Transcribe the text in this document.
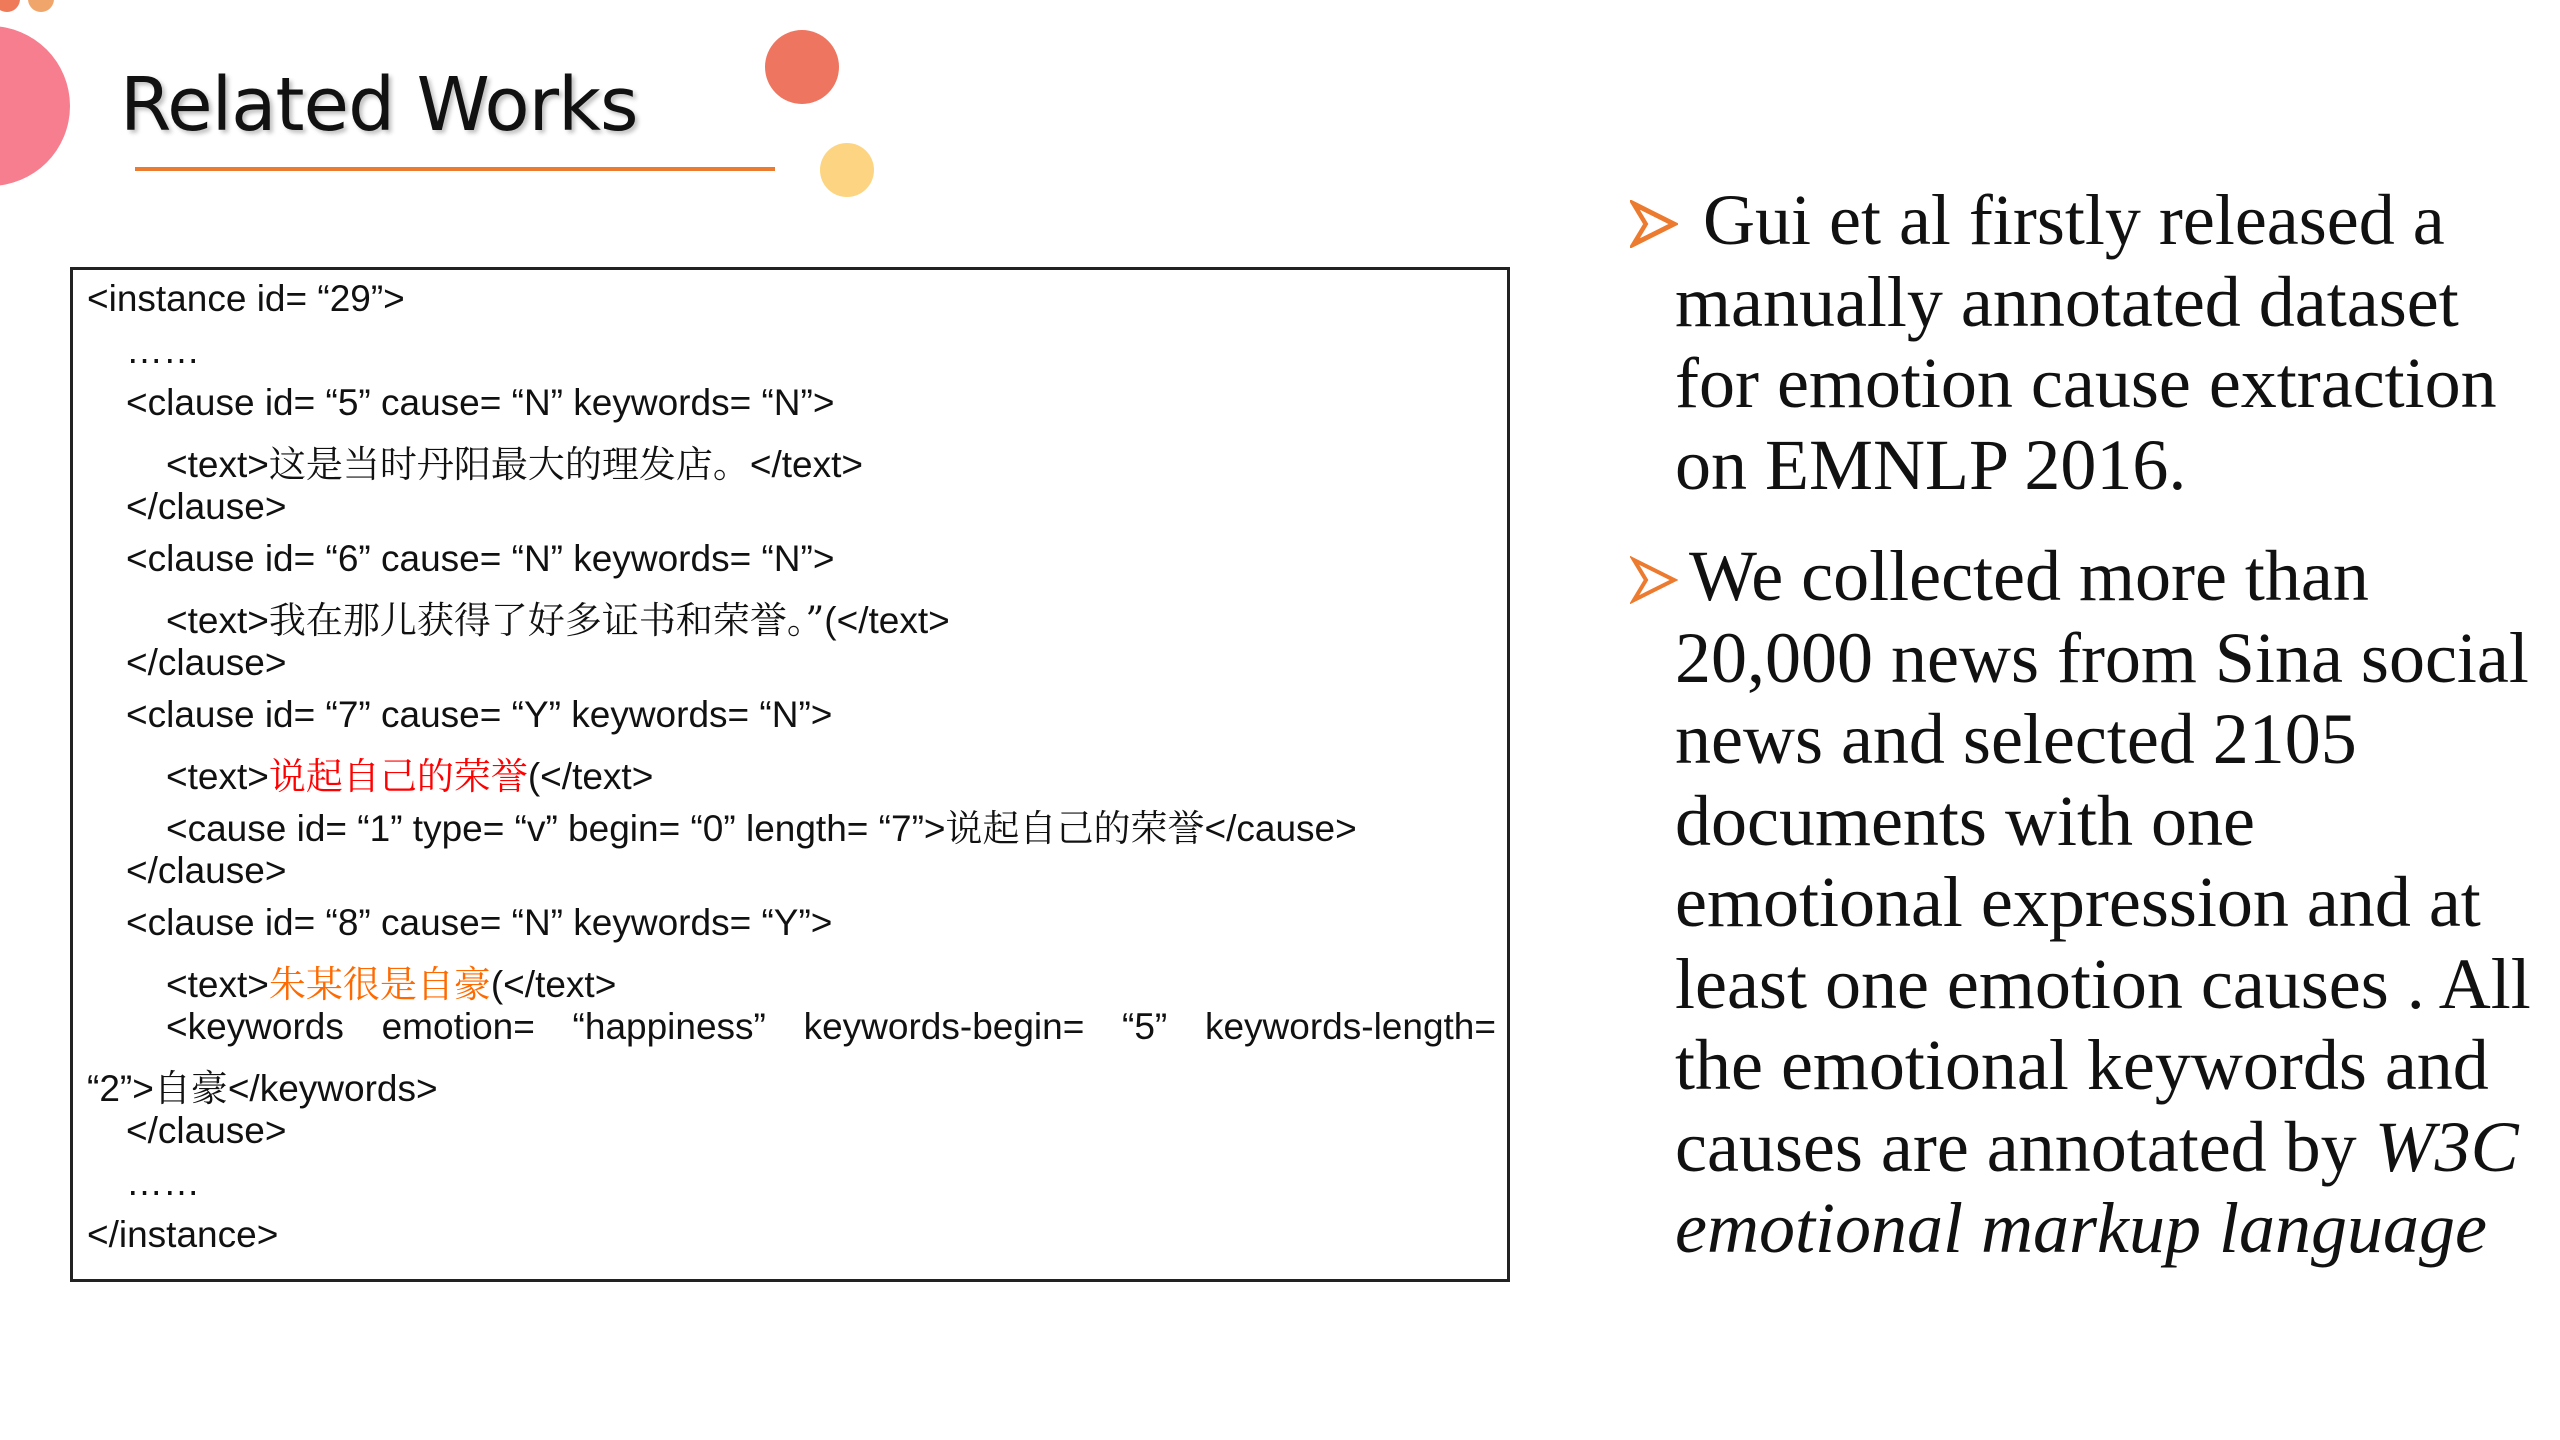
Related Works
<instance id= “29”>
……
<clause id= “5” cause= “N” keywords= “N”>
<text>这是当时丹阳最大的理发店。</text>
</clause>
<clause id= “6” cause= “N” keywords= “N”>
<text>我在那儿获得了好多证书和荣誉。”(</text>
</clause>
<clause id= “7” cause= “Y” keywords= “N”>
<text>说起自己的荣誉(</text>
<cause id= “1” type= “v” begin= “0” length= “7”>说起自己的荣誉</cause>
</clause>
<clause id= “8” cause= “N” keywords= “Y”>
<text>朱某很是自豪(</text>
<keywords emotion= “happiness” keywords-begin= “5” keywords-length=
“2”>自豪</keywords>
</clause>
……
</instance>
Gui et al firstly released a manually annotated dataset for emotion cause extraction on EMNLP 2016.
We collected more than 20,000 news from Sina social news and selected 2105 documents with one emotional expression and at least one emotion causes . All the emotional keywords and causes are annotated by W3C emotional markup language
